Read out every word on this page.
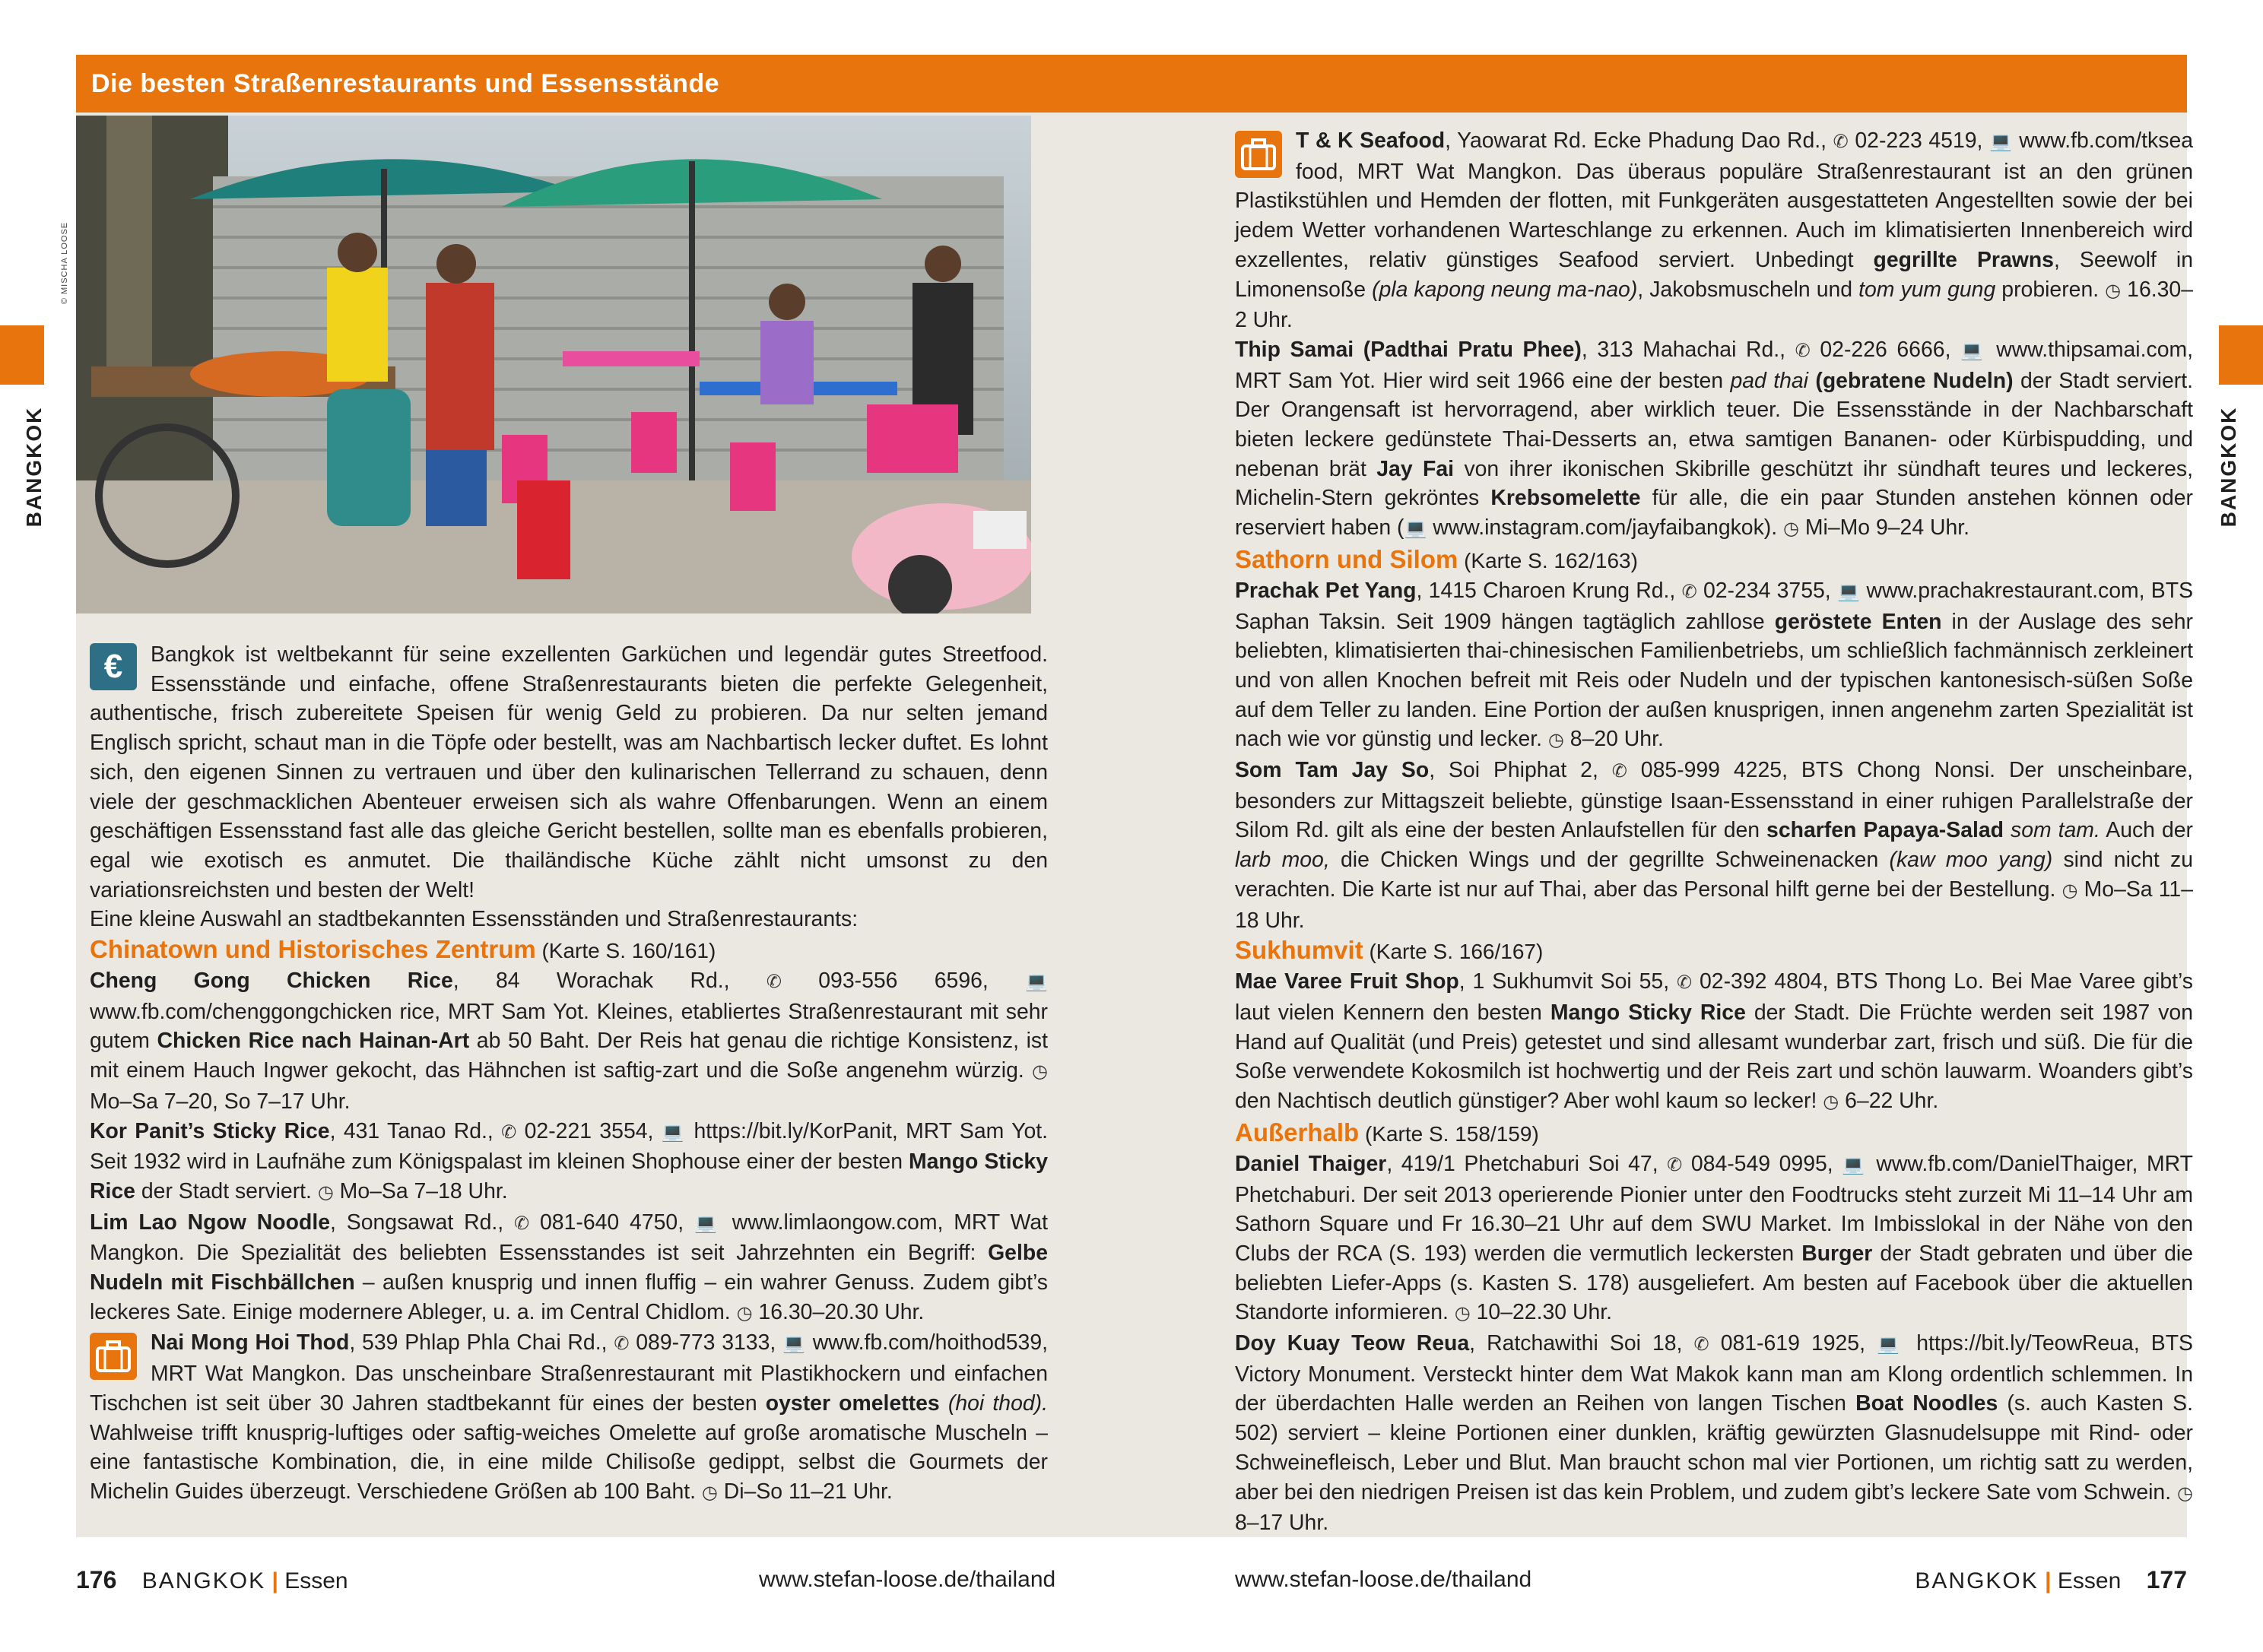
Die besten Straßenrestaurants und Essensstände
© MISCHA LOOSE
BANGKOK	BANGKOK

€	Bangkok ist weltbekannt für seine exzellenten Garküchen und legendär gutes Streetfood. Essensstände und einfache, offene Straßenrestaurants bieten die perfekte Gelegenheit, authentische, frisch zubereitete Speisen für wenig Geld zu probieren. Da nur selten jemand Englisch spricht, schaut man in die Töpfe oder bestellt, was am Nachbartisch lecker duftet. Es lohnt sich, den eigenen Sinnen zu vertrauen und über den kulinarischen Tellerrand zu schauen, denn viele der geschmacklichen Abenteuer erweisen sich als wahre Offenbarungen. Wenn an einem geschäftigen Essensstand fast alle das gleiche Gericht bestellen, sollte man es ebenfalls probieren, egal wie exotisch es anmutet. Die thailändische Küche zählt nicht umsonst zu den variationsreichsten und besten der Welt!

Eine kleine Auswahl an stadtbekannten Essensständen und Straßenrestaurants:

Chinatown und Historisches Zentrum (Karte S. 160/161)

Cheng Gong Chicken Rice, 84 Worachak Rd., ✆ 093-556 6596, 💻 www.fb.com/chenggongchicken rice, MRT Sam Yot. Kleines, etabliertes Straßenrestaurant mit sehr gutem Chicken Rice nach Hainan-Art ab 50 Baht. Der Reis hat genau die richtige Konsistenz, ist mit einem Hauch Ingwer gekocht, das Hähnchen ist saftig-zart und die Soße angenehm würzig. ◷ Mo–Sa 7–20, So 7–17 Uhr.

Kor Panit’s Sticky Rice, 431 Tanao Rd., ✆ 02-221 3554, 💻 https://bit.ly/KorPanit, MRT Sam Yot. Seit 1932 wird in Laufnähe zum Königspalast im kleinen Shophouse einer der besten Mango Sticky Rice der Stadt serviert. ◷ Mo–Sa 7–18 Uhr.

Lim Lao Ngow Noodle, Songsawat Rd., ✆ 081-640 4750, 💻 www.limlaongow.com, MRT Wat Mangkon. Die Spezialität des beliebten Essensstandes ist seit Jahrzehnten ein Begriff: Gelbe Nudeln mit Fischbällchen – außen knusprig und innen fluffig – ein wahrer Genuss. Zudem gibt’s leckeres Sate. Einige modernere Ableger, u. a. im Central Chidlom. ◷ 16.30–20.30 Uhr.

Nai Mong Hoi Thod, 539 Phlap Phla Chai Rd., ✆ 089-773 3133, 💻 www.fb.com/hoithod539, MRT Wat Mangkon. Das unscheinbare Straßenrestaurant mit Plastikhockern und einfachen Tischchen ist seit über 30 Jahren stadtbekannt für eines der besten oyster omelettes (hoi thod). Wahlweise trifft knusprig-luftiges oder saftig-weiches Omelette auf große aromatische Muscheln – eine fantastische Kombination, die, in eine milde Chilisoße gedippt, selbst die Gourmets der Michelin Guides überzeugt. Verschiedene Größen ab 100 Baht. ◷ Di–So 11–21 Uhr.

T & K Seafood, Yaowarat Rd. Ecke Phadung Dao Rd., ✆ 02-223 4519, 💻 www.fb.com/tksea food, MRT Wat Mangkon. Das überaus populäre Straßenrestaurant ist an den grünen Plastikstühlen und Hemden der flotten, mit Funkgeräten ausgestatteten Angestellten sowie der bei jedem Wetter vorhandenen Warteschlange zu erkennen. Auch im klimatisierten Innenbereich wird exzellentes, relativ günstiges Seafood serviert. Unbedingt gegrillte Prawns, Seewolf in Limonensoße (pla kapong neung ma-nao), Jakobsmuscheln und tom yum gung probieren. ◷ 16.30–2 Uhr.

Thip Samai (Padthai Pratu Phee), 313 Mahachai Rd., ✆ 02-226 6666, 💻 www.thipsamai.com, MRT Sam Yot. Hier wird seit 1966 eine der besten pad thai (gebratene Nudeln) der Stadt serviert. Der Orangensaft ist hervorragend, aber wirklich teuer. Die Essensstände in der Nachbarschaft bieten leckere gedünstete Thai-Desserts an, etwa samtigen Bananen- oder Kürbispudding, und nebenan brät Jay Fai von ihrer ikonischen Skibrille geschützt ihr sündhaft teures und leckeres, Michelin-Stern gekröntes Krebsomelette für alle, die ein paar Stunden anstehen können oder reserviert haben (💻 www.instagram.com/jayfaibangkok). ◷ Mi–Mo 9–24 Uhr.

Sathorn und Silom (Karte S. 162/163)

Prachak Pet Yang, 1415 Charoen Krung Rd., ✆ 02-234 3755, 💻 www.prachakrestaurant.com, BTS Saphan Taksin. Seit 1909 hängen tagtäglich zahllose geröstete Enten in der Auslage des sehr beliebten, klimatisierten thai-chinesischen Familienbetriebs, um schließlich fachmännisch zerkleinert und von allen Knochen befreit mit Reis oder Nudeln und der typischen kantonesisch-süßen Soße auf dem Teller zu landen. Eine Portion der außen knusprigen, innen angenehm zarten Spezialität ist nach wie vor günstig und lecker. ◷ 8–20 Uhr.

Som Tam Jay So, Soi Phiphat 2, ✆ 085-999 4225, BTS Chong Nonsi. Der unscheinbare, besonders zur Mittagszeit beliebte, günstige Isaan-Essensstand in einer ruhigen Parallelstraße der Silom Rd. gilt als eine der besten Anlaufstellen für den scharfen Papaya-Salad som tam. Auch der larb moo, die Chicken Wings und der gegrillte Schweinenacken (kaw moo yang) sind nicht zu verachten. Die Karte ist nur auf Thai, aber das Personal hilft gerne bei der Bestellung. ◷ Mo–Sa 11–18 Uhr.

Sukhumvit (Karte S. 166/167)

Mae Varee Fruit Shop, 1 Sukhumvit Soi 55, ✆ 02-392 4804, BTS Thong Lo. Bei Mae Varee gibt’s laut vielen Kennern den besten Mango Sticky Rice der Stadt. Die Früchte werden seit 1987 von Hand auf Qualität (und Preis) getestet und sind allesamt wunderbar zart, frisch und süß. Die für die Soße verwendete Kokosmilch ist hochwertig und der Reis zart und schön lauwarm. Woanders gibt’s den Nachtisch deutlich günstiger? Aber wohl kaum so lecker! ◷ 6–22 Uhr.

Außerhalb (Karte S. 158/159)

Daniel Thaiger, 419/1 Phetchaburi Soi 47, ✆ 084-549 0995, 💻 www.fb.com/DanielThaiger, MRT Phetchaburi. Der seit 2013 operierende Pionier unter den Foodtrucks steht zurzeit Mi 11–14 Uhr am Sathorn Square und Fr 16.30–21 Uhr auf dem SWU Market. Im Imbisslokal in der Nähe von den Clubs der RCA (S. 193) werden die vermutlich leckersten Burger der Stadt gebraten und über die beliebten Liefer-Apps (s. Kasten S. 178) ausgeliefert. Am besten auf Facebook über die aktuellen Standorte informieren. ◷ 10–22.30 Uhr.

Doy Kuay Teow Reua, Ratchawithi Soi 18, ✆ 081-619 1925, 💻 https://bit.ly/TeowReua, BTS Victory Monument. Versteckt hinter dem Wat Makok kann man am Klong ordentlich schlemmen. In der überdachten Halle werden an Reihen von langen Tischen Boat Noodles (s. auch Kasten S. 502) serviert – kleine Portionen einer dunklen, kräftig gewürzten Glasnudelsuppe mit Rind- oder Schweinefleisch, Leber und Blut. Man braucht schon mal vier Portionen, um richtig satt zu werden, aber bei den niedrigen Preisen ist das kein Problem, und zudem gibt’s leckere Sate vom Schwein. ◷ 8–17 Uhr.

176 BANGKOK | Essen	www.stefan-loose.de/thailand	www.stefan-loose.de/thailand	BANGKOK | Essen 177
